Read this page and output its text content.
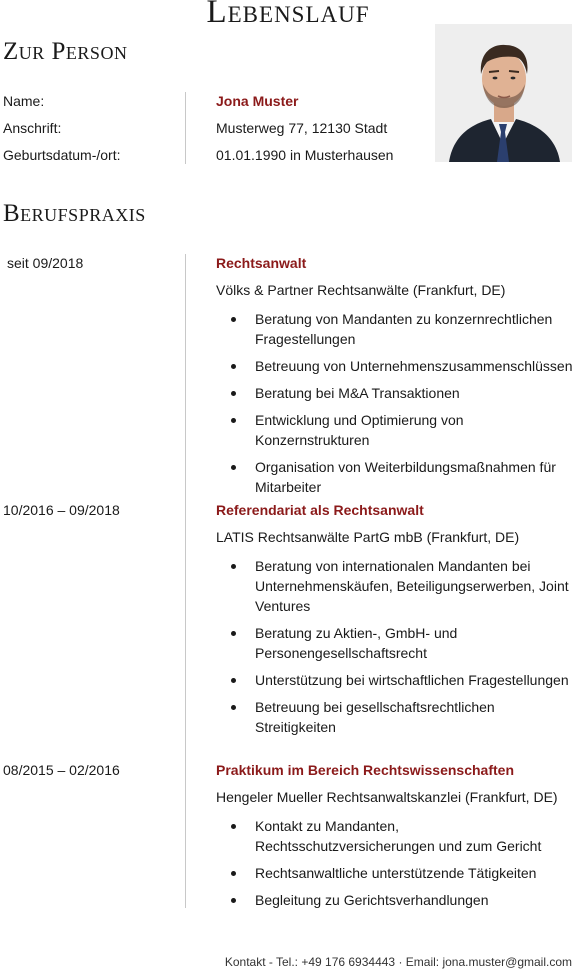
Lebenslauf
Zur Person
Name:	Jona Muster
Anschrift:	Musterweg 77, 12130 Stadt
Geburtsdatum-/ort:	01.01.1990 in Musterhausen
Berufspraxis
seit 09/2018	Rechtsanwalt
Völks & Partner Rechtsanwälte (Frankfurt, DE)
Beratung von Mandanten zu konzernrechtlichen Fragestellungen
Betreuung von Unternehmenszusammenschlüssen
Beratung bei M&A Transaktionen
Entwicklung und Optimierung von Konzernstrukturen
Organisation von Weiterbildungsmaßnahmen für Mitarbeiter
10/2016 – 09/2018	Referendariat als Rechtsanwalt
LATIS Rechtsanwälte PartG mbB (Frankfurt, DE)
Beratung von internationalen Mandanten bei Unternehmenskäufen, Beteiligungserwerben, Joint Ventures
Beratung zu Aktien-, GmbH- und Personengesellschaftsrecht
Unterstützung bei wirtschaftlichen Fragestellungen
Betreuung bei gesellschaftsrechtlichen Streitigkeiten
08/2015 – 02/2016	Praktikum im Bereich Rechtswissenschaften
Hengeler Mueller Rechtsanwaltskanzlei (Frankfurt, DE)
Kontakt zu Mandanten, Rechtsschutzversicherungen und zum Gericht
Rechtsanwaltliche unterstützende Tätigkeiten
Begleitung zu Gerichtsverhandlungen
Kontakt - Tel.: +49 176 6934443 · Email: jona.muster@gmail.com
